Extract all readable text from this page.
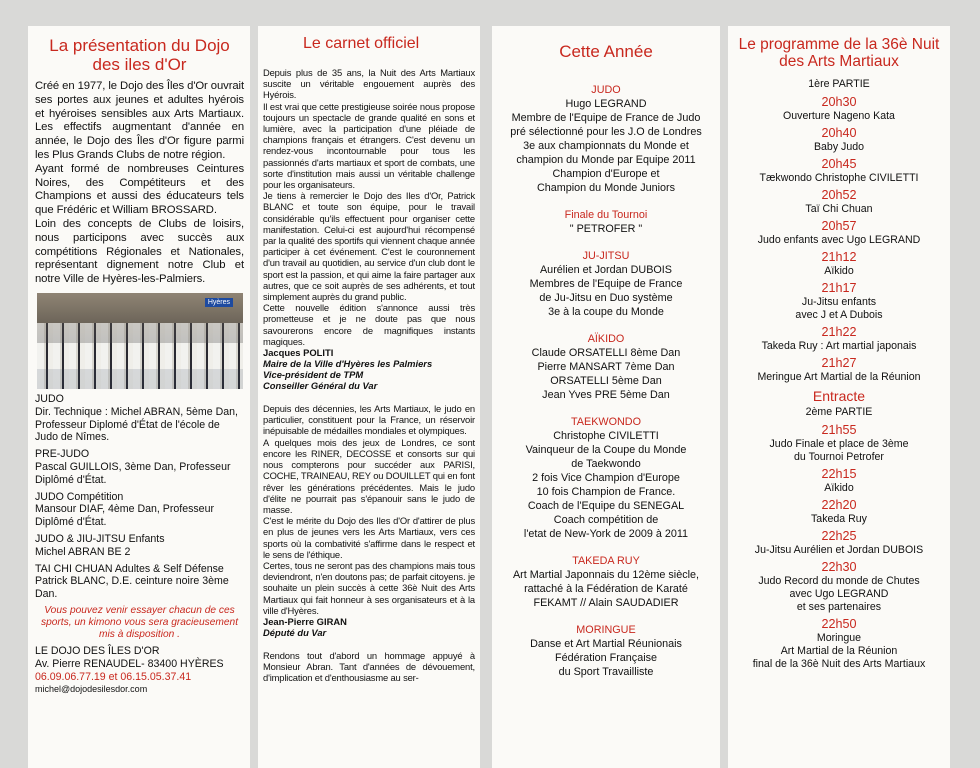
La présentation du Dojo des iles d'Or
Créé en 1977, le Dojo des Îles d'Or ouvrait ses portes aux jeunes et adultes hyérois et hyéroises sensibles aux Arts Martiaux. Les effectifs augmentant d'année en année, le Dojo des Îles d'Or figure parmi les Plus Grands Clubs de notre région.
Ayant formé de nombreuses Ceintures Noires, des Compétiteurs et des Champions et aussi des éducateurs tels que Frédéric et William BROSSARD.
Loin des concepts de Clubs de loisirs, nous participons avec succès aux compétitions Régionales et Nationales, représentant dignement notre Club et notre Ville de Hyères-les-Palmiers.
Hyères
JUDO
Dir. Technique : Michel ABRAN, 5ème Dan, Professeur Diplomé d'État de l'école de Judo de Nîmes.
PRE-JUDO
Pascal GUILLOIS, 3ème Dan, Professeur Diplômé d'État.
JUDO Compétition
Mansour DIAF, 4ème Dan, Professeur Diplômé d'État.
JUDO & JIU-JITSU Enfants
Michel ABRAN BE 2
TAI CHI CHUAN Adultes & Self Défense
Patrick BLANC, D.E. ceinture noire 3ème Dan.
Vous pouvez venir essayer chacun de ces sports, un kimono vous sera gracieusement mis à disposition .
LE DOJO DES ÎLES D'OR
Av. Pierre RENAUDEL- 83400 HYÈRES
06.09.06.77.19 et 06.15.05.37.41
michel@dojodesilesdor.com
Le carnet officiel
Depuis plus de 35 ans, la Nuit des Arts Martiaux suscite un véritable engouement auprès des Hyérois.
Il est vrai que cette prestigieuse soirée nous propose toujours un spectacle de grande qualité en sons et lumière, avec la participation d'une pléiade de champions français et étrangers. C'est devenu un rendez-vous incontournable pour tous les passionnés d'arts martiaux et sport de combats, une sorte d'institution mais aussi un véritable challenge pour les organisateurs.
Je tiens à remercier le Dojo des Iles d'Or, Patrick BLANC et toute son équipe, pour le travail considérable qu'ils effectuent pour organiser cette manifestation. Celui-ci est aujourd'hui récompensé par la qualité des sportifs qui viennent chaque année participer à cet événement. C'est le couronnement d'un travail au quotidien, au service d'un club dont le sport est la passion, et qui aime la faire partager aux autres, que ce soit auprès de ses adhérents, et tout simplement auprès du grand public.
Cette nouvelle édition s'annonce aussi très prometteuse et je ne doute pas que nous savourerons encore de magnifiques instants magiques.
Jacques POLITI
Maire de la Ville d'Hyères les Palmiers
Vice-président de TPM
Conseiller Général du Var
Depuis des décennies, les Arts Martiaux, le judo en particulier, constituent pour la France, un réservoir inépuisable de médailles mondiales et olympiques.
A quelques mois des jeux de Londres, ce sont encore les RINER, DECOSSE et consorts sur qui nous compterons pour succéder aux PARISI, COCHE, TRAINEAU, REY ou DOUILLET qui en font rêver les générations précédentes. Mais le judo d'élite ne pourrait pas s'épanouir sans le judo de masse.
C'est le mérite du Dojo des Iles d'Or d'attirer de plus en plus de jeunes vers les Arts Martiaux, vers ces sports où la combativité s'affirme dans le respect et le sens de l'éthique.
Certes, tous ne seront pas des champions mais tous deviendront, n'en doutons pas; de parfait citoyens. je souhaite un plein succès à cette 36è Nuit des Arts Martiaux qui fait honneur à ses organisateurs et à la ville d'Hyères.
Jean-Pierre GIRAN
Député du Var
Rendons tout d'abord un hommage appuyé à Monsieur Abran. Tant d'années de dévouement, d'implication et d'enthousiasme au ser-
Cette Année
JUDO
Hugo LEGRAND
Membre de l'Equipe de France de Judo
pré sélectionné pour les J.O de Londres
3e aux championnats du Monde et
champion du Monde par Equipe 2011
Champion d'Europe et
Champion du Monde Juniors
Finale du Tournoi
" PETROFER "
JU-JITSU
Aurélien et Jordan DUBOIS
Membres de l'Equipe de France
de Ju-Jitsu en Duo système
3e à la coupe du Monde
AÏKIDO
Claude ORSATELLI 8ème Dan
Pierre MANSART 7ème Dan
ORSATELLI 5ème Dan
Jean Yves PRE 5ème Dan
TAEKWONDO
Christophe CIVILETTI
Vainqueur de la Coupe du Monde
de Taekwondo
2 fois Vice Champion d'Europe
10 fois Champion de France.
Coach de l'Equipe du SENEGAL
Coach compétition de
l'etat de New-York de 2009 à 2011
TAKEDA RUY
Art Martial Japonnais du 12ème siècle,
rattaché à la Fédération de Karaté
FEKAMT // Alain SAUDADIER
MORINGUE
Danse et Art Martial Réunionais
Fédération Française
du Sport Travailliste
Le programme de la 36è Nuit des Arts Martiaux
1ère PARTIE
20h30
Ouverture Nageno Kata
20h40
Baby Judo
20h45
Tækwondo Christophe CIVILETTI
20h52
Taï Chi Chuan
20h57
Judo enfants avec Ugo LEGRAND
21h12
Aïkido
21h17
Ju-Jitsu enfants
avec J et A Dubois
21h22
Takeda Ruy : Art martial japonais
21h27
Meringue Art Martial de la Réunion
Entracte
2ème PARTIE
21h55
Judo Finale et place de 3ème
du Tournoi Petrofer
22h15
Aïkido
22h20
Takeda Ruy
22h25
Ju-Jitsu Aurélien et Jordan DUBOIS
22h30
Judo Record du monde de Chutes
avec Ugo LEGRAND
et ses partenaires
22h50
Moringue
Art Martial de la Réunion
final de la 36è Nuit des Arts Martiaux
